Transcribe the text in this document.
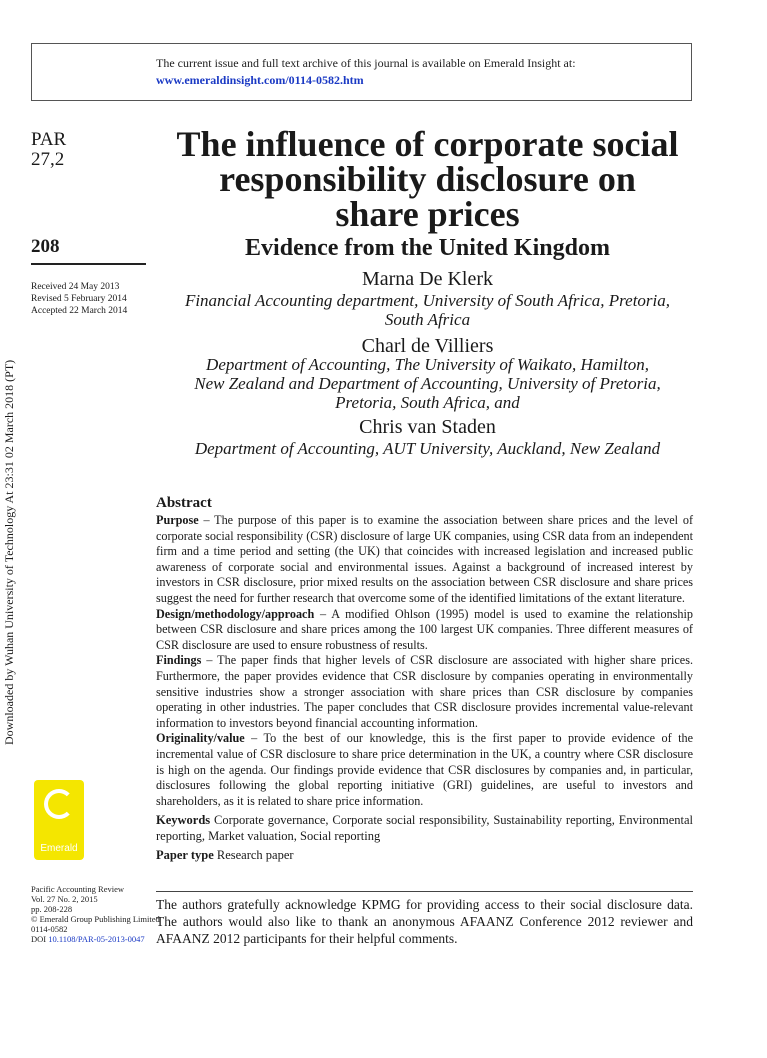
The current issue and full text archive of this journal is available on Emerald Insight at:
www.emeraldinsight.com/0114-0582.htm
PAR
27,2
208
Received 24 May 2013
Revised 5 February 2014
Accepted 22 March 2014
Downloaded by Wuhan University of Technology At 23:31 02 March 2018 (PT)
The influence of corporate social
responsibility disclosure on
share prices
Evidence from the United Kingdom
Marna De Klerk
Financial Accounting department, University of South Africa, Pretoria,
South Africa
Charl de Villiers
Department of Accounting, The University of Waikato, Hamilton,
New Zealand and Department of Accounting, University of Pretoria,
Pretoria, South Africa, and
Chris van Staden
Department of Accounting, AUT University, Auckland, New Zealand
Abstract

Purpose – The purpose of this paper is to examine the association between share prices and the level of corporate social responsibility (CSR) disclosure of large UK companies, using CSR data from an independent firm and a time period and setting (the UK) that coincides with increased legislation and increased public awareness of corporate social and environmental issues. Against a background of increased interest by investors in CSR disclosure, prior mixed results on the association between CSR disclosure and share prices suggest the need for further research that overcome some of the identified limitations of the extant literature.

Design/methodology/approach – A modified Ohlson (1995) model is used to examine the relationship between CSR disclosure and share prices among the 100 largest UK companies. Three different measures of CSR disclosure are used to ensure robustness of results.

Findings – The paper finds that higher levels of CSR disclosure are associated with higher share prices. Furthermore, the paper provides evidence that CSR disclosure by companies operating in environmentally sensitive industries show a stronger association with share prices than CSR disclosure by companies operating in other industries. The paper concludes that CSR disclosure provides incremental value-relevant information to investors beyond financial accounting information.

Originality/value – To the best of our knowledge, this is the first paper to provide evidence of the incremental value of CSR disclosure to share price determination in the UK, a country where CSR disclosure is high on the agenda. Our findings provide evidence that CSR disclosures by companies and, in particular, disclosures following the global reporting initiative (GRI) guidelines, are useful to investors and shareholders, as it is related to share price information.

Keywords Corporate governance, Corporate social responsibility, Sustainability reporting, Environmental reporting, Market valuation, Social reporting

Paper type Research paper

The authors gratefully acknowledge KPMG for providing access to their social disclosure data. The authors would also like to thank an anonymous AFAANZ Conference 2012 reviewer and AFAANZ 2012 participants for their helpful comments.
Emerald
Pacific Accounting Review
Vol. 27 No. 2, 2015
pp. 208-228
© Emerald Group Publishing Limited
0114-0582
DOI 10.1108/PAR-05-2013-0047
